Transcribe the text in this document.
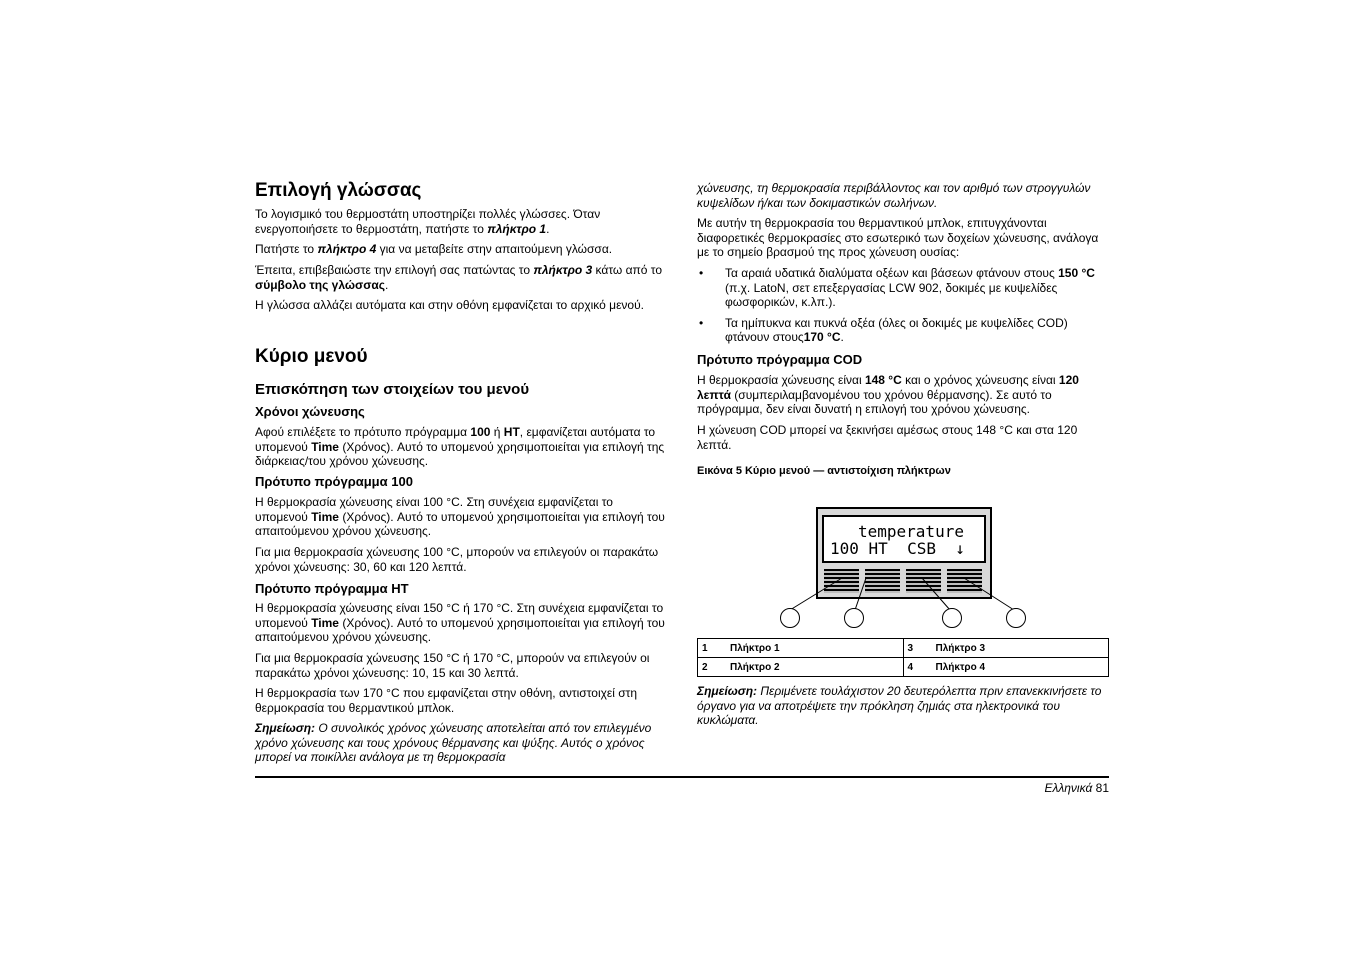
Επιλογή γλώσσας

Το λογισμικό του θερμοστάτη υποστηρίζει πολλές γλώσσες. Όταν ενεργοποιήσετε το θερμοστάτη, πατήστε το πλήκτρο 1.

Πατήστε το πλήκτρο 4 για να μεταβείτε στην απαιτούμενη γλώσσα.

Έπειτα, επιβεβαιώστε την επιλογή σας πατώντας το πλήκτρο 3 κάτω από το σύμβολο της γλώσσας.

Η γλώσσα αλλάζει αυτόματα και στην οθόνη εμφανίζεται το αρχικό μενού.

Κύριο μενού
Επισκόπηση των στοιχείων του μενού
Χρόνοι χώνευσης

Αφού επιλέξετε το πρότυπο πρόγραμμα 100 ή HT, εμφανίζεται αυτόματα το υπομενού Time (Χρόνος). Αυτό το υπομενού χρησιμοποιείται για επιλογή της διάρκειας/του χρόνου χώνευσης.

Πρότυπο πρόγραμμα 100

Η θερμοκρασία χώνευσης είναι 100 °C. Στη συνέχεια εμφανίζεται το υπομενού Time (Χρόνος). Αυτό το υπομενού χρησιμοποιείται για επιλογή του απαιτούμενου χρόνου χώνευσης.

Για μια θερμοκρασία χώνευσης 100 °C, μπορούν να επιλεγούν οι παρακάτω χρόνοι χώνευσης: 30, 60 και 120 λεπτά.

Πρότυπο πρόγραμμα HT

Η θερμοκρασία χώνευσης είναι 150 °C ή 170 °C. Στη συνέχεια εμφανίζεται το υπομενού Time (Χρόνος). Αυτό το υπομενού χρησιμοποιείται για επιλογή του απαιτούμενου χρόνου χώνευσης.

Για μια θερμοκρασία χώνευσης 150 °C ή 170 °C, μπορούν να επιλεγούν οι παρακάτω χρόνοι χώνευσης: 10, 15 και 30 λεπτά.

Η θερμοκρασία των 170 °C που εμφανίζεται στην οθόνη, αντιστοιχεί στη θερμοκρασία του θερμαντικού μπλοκ.

Σημείωση: Ο συνολικός χρόνος χώνευσης αποτελείται από τον επιλεγμένο χρόνο χώνευσης και τους χρόνους θέρμανσης και ψύξης. Αυτός ο χρόνος μπορεί να ποικίλλει ανάλογα με τη θερμοκρασία

χώνευσης, τη θερμοκρασία περιβάλλοντος και τον αριθμό των στρογγυλών κυψελίδων ή/και των δοκιμαστικών σωλήνων.

Με αυτήν τη θερμοκρασία του θερμαντικού μπλοκ, επιτυγχάνονται διαφορετικές θερμοκρασίες στο εσωτερικό των δοχείων χώνευσης, ανάλογα με το σημείο βρασμού της προς χώνευση ουσίας:

• Τα αραιά υδατικά διαλύματα οξέων και βάσεων φτάνουν στους 150 °C (π.χ. LatoN, σετ επεξεργασίας LCW 902, δοκιμές με κυψελίδες φωσφορικών, κ.λπ.).
• Τα ημίπυκνα και πυκνά οξέα (όλες οι δοκιμές με κυψελίδες COD) φτάνουν στους170 °C.
Πρότυπο πρόγραμμα COD

Η θερμοκρασία χώνευσης είναι 148 °C και ο χρόνος χώνευσης είναι 120 λεπτά (συμπεριλαμβανομένου του χρόνου θέρμανσης). Σε αυτό το πρόγραμμα, δεν είναι δυνατή η επιλογή του χρόνου χώνευσης.

Η χώνευση COD μπορεί να ξεκινήσει αμέσως στους 148 °C και στα 120 λεπτά.

Εικόνα 5 Κύριο μενού — αντιστοίχιση πλήκτρων

Σημείωση: Περιμένετε τουλάχιστον 20 δευτερόλεπτα πριν επανεκκινήσετε το όργανο για να αποτρέψετε την πρόκληση ζημιάς στα ηλεκτρονικά του κυκλώματα.

temperature
100 HT  CSB  ↓
1	Πλήκτρο 1	3	Πλήκτρο 3
2	Πλήκτρο 2	4	Πλήκτρο 4
Ελληνικά 81
